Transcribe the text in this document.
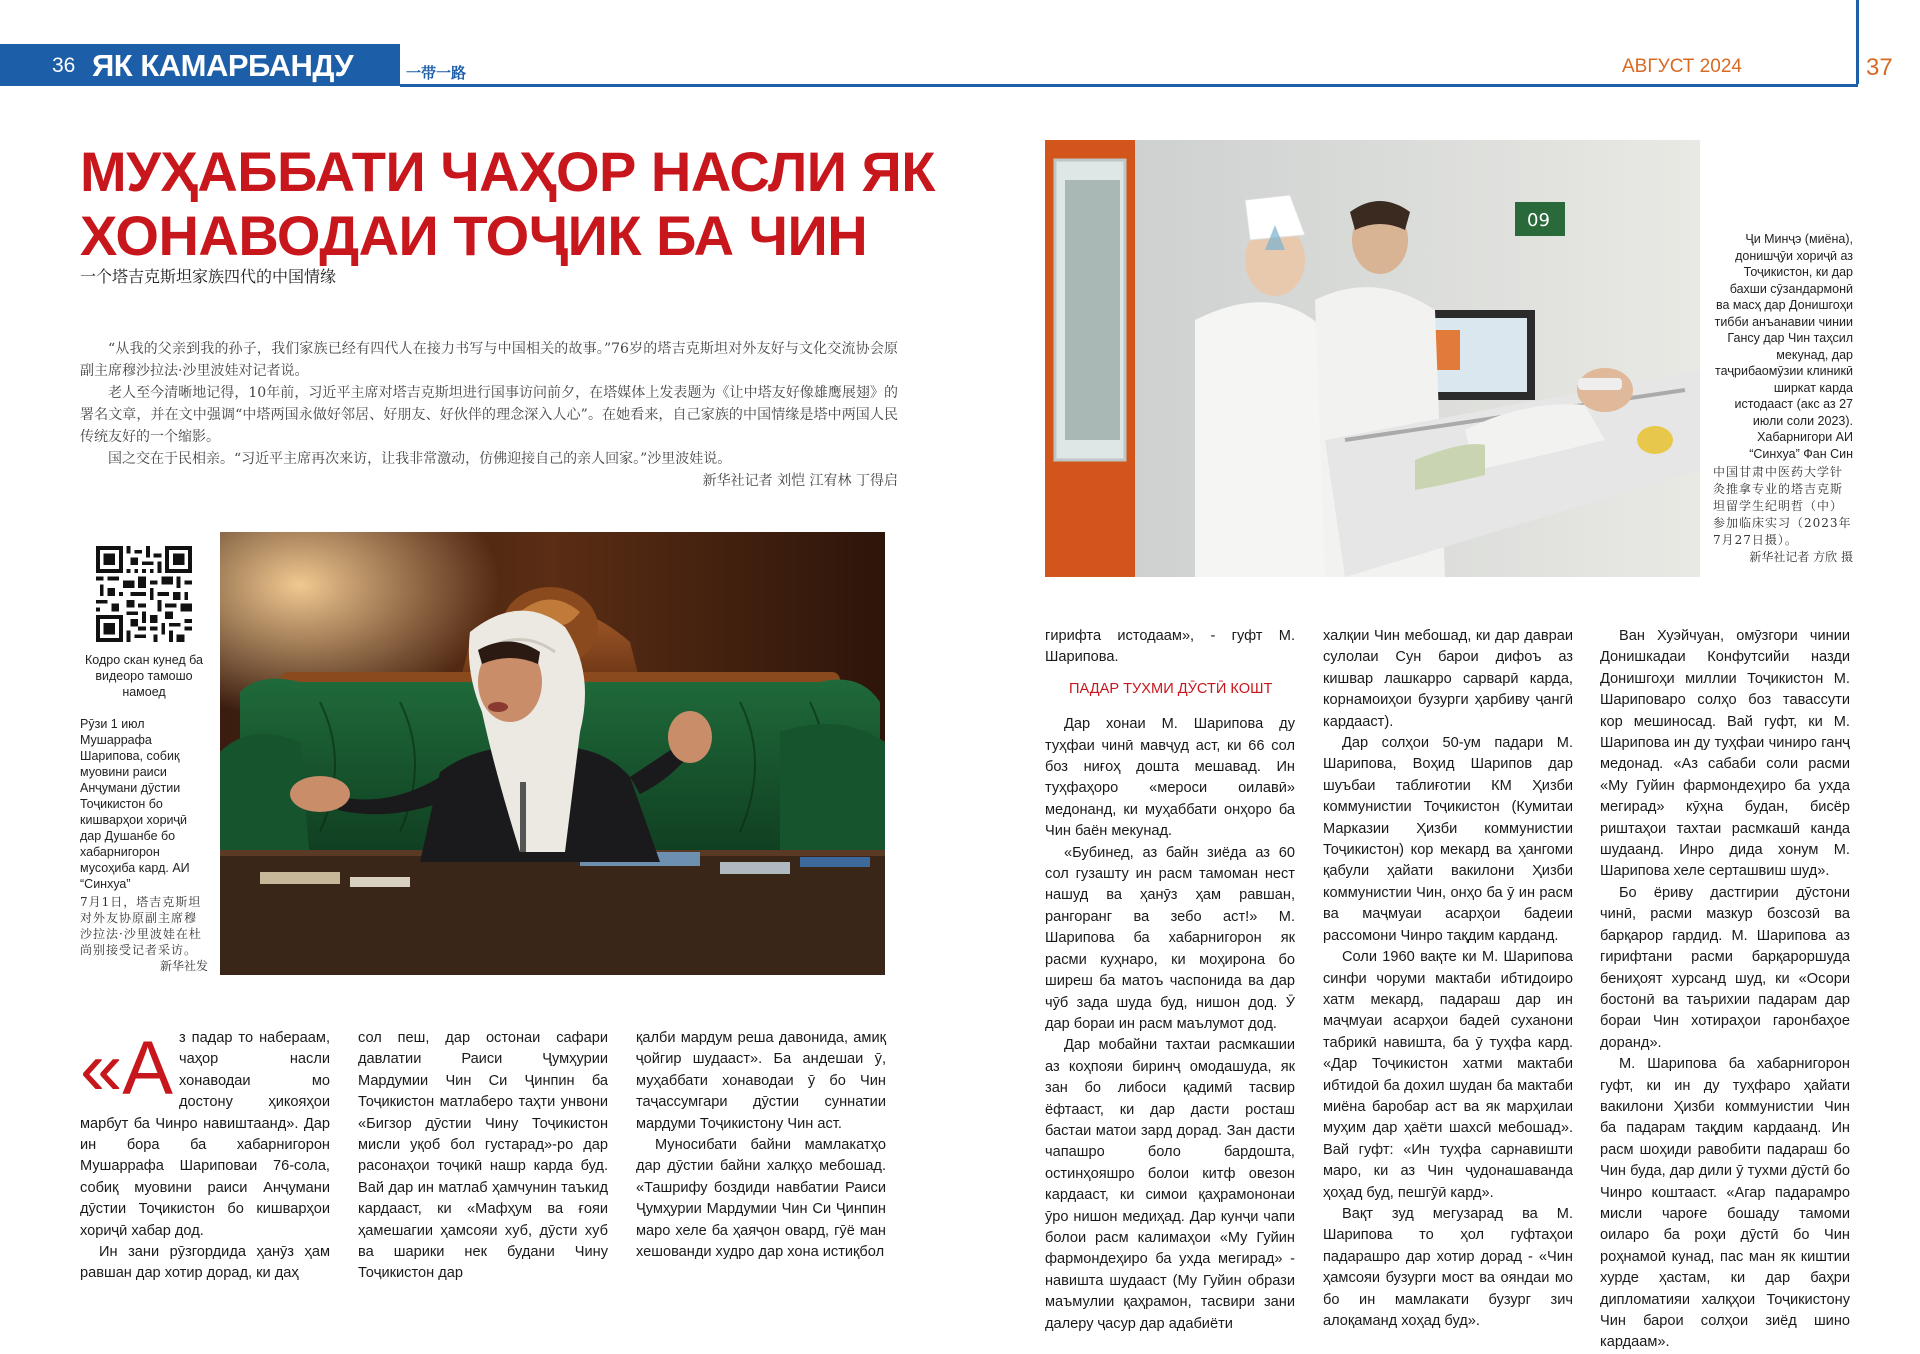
36 ЯК КАМАРБАНДУ ЯК РОҲ
一带一路	АВГУСТ 2024	37
МУҲАББАТИ ЧАҲОР НАСЛИ ЯК ХОНАВОДАИ ТОҶИК БА ЧИН
一个塔吉克斯坦家族四代的中国情缘

“从我的父亲到我的孙子，我们家族已经有四代人在接力书写与中国相关的故事。”76岁的塔吉克斯坦对外友好与文化交流协会原副主席穆沙拉法·沙里波娃对记者说。

老人至今清晰地记得，10年前，习近平主席对塔吉克斯坦进行国事访问前夕，在塔媒体上发表题为《让中塔友好像雄鹰展翅》的署名文章，并在文中强调“中塔两国永做好邻居、好朋友、好伙伴的理念深入人心”。在她看来，自己家族的中国情缘是塔中两国人民传统友好的一个缩影。

国之交在于民相亲。“习近平主席再次来访，让我非常激动，仿佛迎接自己的亲人回家。”沙里波娃说。

新华社记者 刘恺 江宥林 丁得启

Кодро скан кунед ба видеоро тамошо намоед
Рӯзи 1 июл Мушаррафа Шарипова, собиқ муовини раиси Анҷумани дӯстии Тоҷикистон бо кишварҳои хориҷӣ дар Душанбе бо хабарнигорон мусоҳиба кард. АИ “Синхуа”
7月1日，塔吉克斯坦对外友协原副主席穆沙拉法·沙里波娃在杜尚别接受记者采访。
新华社发
09
Ҷи Минҷэ (миёна), донишҷӯи хориҷӣ аз Тоҷикистон, ки дар бахши сӯзандармонӣ ва масҳ дар Донишгоҳи тибби анъанавии чинии Гансу дар Чин таҳсил мекунад, дар таҷрибаомӯзии клиникӣ ширкат карда истодааст (акс аз 27 июли соли 2023). Хабарнигори АИ “Синхуа” Фан Син
中国甘肃中医药大学针灸推拿专业的塔吉克斯坦留学生纪明哲（中）参加临床实习（2023年7月27日摄）。
新华社记者 方欣 摄

«Аз падар то набераам, чаҳор насли хонаводаи мо достону ҳикояҳои марбут ба Чинро навиштаанд». Дар ин бора ба хабарнигорон Мушаррафа Шариповаи 76-сола, собиқ муовини раиси Анҷумани дӯстии Тоҷикистон бо кишварҳои хориҷӣ хабар дод.

Ин зани рӯзгордида ҳанӯз ҳам равшан дар хотир дорад, ки даҳ

сол пеш, дар остонаи сафари давлатии Раиси Ҷумҳурии Мардумии Чин Си Ҷинпин ба Тоҷикистон матлаберо таҳти унвони «Бигзор дӯстии Чину Тоҷикистон мисли уқоб бол густарад»-ро дар расонаҳои тоҷикӣ нашр карда буд. Вай дар ин матлаб ҳамчунин таъкид кардааст, ки «Мафҳум ва ғояи ҳамешагии ҳамсояи хуб, дӯсти хуб ва шарики нек будани Чину Тоҷикистон дар

қалби мардум реша давонида, амиқ ҷойгир шудааст». Ба андешаи ӯ, муҳаббати хонаводаи ӯ бо Чин таҷассумгари дӯстии суннатии мардуми Тоҷикистону Чин аст.

Муносибати байни мамлакатҳо дар дӯстии байни халқҳо мебошад. «Ташрифу боздиди навбатии Раиси Ҷумҳурии Мардумии Чин Си Ҷинпин маро хеле ба ҳаяҷон овард, гӯё ман хешованди худро дар хона истиқбол

гирифта истодаам», - гуфт М. Шарипова.

ПАДАР ТУХМИ ДӮСТӢ КОШТ

Дар хонаи М. Шарипова ду туҳфаи чинӣ мавҷуд аст, ки 66 сол боз ниғоҳ дошта мешавад. Ин туҳфаҳоро «мероси оилавӣ» медонанд, ки муҳаббати онҳоро ба Чин баён мекунад.

«Бубинед, аз байн зиёда аз 60 сол гузашту ин расм тамоман нест нашуд ва ҳанӯз ҳам равшан, рангоранг ва зебо аст!» М. Шарипова ба хабарнигорон як расми куҳнаро, ки моҳирона бо ширеш ба матоъ часпонида ва дар чӯб зада шуда буд, нишон дод. Ӯ дар бораи ин расм маълумот дод.

Дар мобайни тахтаи расмкашии аз коҳпояи биринҷ омодашуда, як зан бо либоси қадимӣ тасвир ёфтааст, ки дар дасти росташ бастаи матои зард дорад. Зан дасти чапашро боло бардошта, остинҳояшро болои китф овезон кардааст, ки симои қаҳрамононаи ӯро нишон медиҳад. Дар кунҷи чапи болои расм калимаҳои «Му Гуйин фармондеҳиро ба ухда мегирад» - навишта шудааст (Му Гуйин образи маъмулии қаҳрамон, тасвири зани далеру ҷасур дар адабиёти

халқии Чин мебошад, ки дар давраи сулолаи Сун барои дифоъ аз кишвар лашкарро сарварӣ карда, корнамоиҳои бузурги ҳарбиву ҷангӣ кардааст).

Дар солҳои 50-ум падари М. Шарипова, Воҳид Шарипов дар шуъбаи таблиғотии КМ Ҳизби коммунистии Тоҷикистон (Кумитаи Марказии Ҳизби коммунистии Тоҷикистон) кор мекард ва ҳангоми қабули ҳайати вакилони Ҳизби коммунистии Чин, онҳо ба ӯ ин расм ва маҷмуаи асарҳои бадеии рассомони Чинро тақдим карданд.

Соли 1960 вақте ки М. Шарипова синфи чоруми мактаби ибтидоиро хатм мекард, падараш дар ин маҷмуаи асарҳои бадеӣ суханони табрикӣ навишта, ба ӯ туҳфа кард. «Дар Тоҷикистон хатми мактаби ибтидоӣ ба дохил шудан ба мактаби миёна баробар аст ва як марҳилаи муҳим дар ҳаёти шахсӣ мебошад». Вай гуфт: «Ин туҳфа сарнавишти маро, ки аз Чин ҷудонашаванда ҳоҳад буд, пешгӯӣ кард».

Вақт зуд мегузарад ва М. Шарипова то ҳол гуфтаҳои падарашро дар хотир дорад - «Чин ҳамсояи бузурги мост ва ояндаи мо бо ин мамлакати бузург зич алоқаманд хоҳад буд».

Ван Хуэйчуан, омӯзгори чинии Донишкадаи Конфутсийи назди Донишгоҳи миллии Тоҷикистон М. Шариповаро солҳо боз тавассути кор мешиносад. Вай гуфт, ки М. Шарипова ин ду туҳфаи чиниро ганҷ медонад. «Аз сабаби соли расми «Му Гуйин фармондеҳиро ба ухда мегирад» кӯҳна будан, бисёр риштаҳои тахтаи расмкашӣ канда шудаанд. Инро дида хонум М. Шарипова хеле серташвиш шуд».

Бо ёриву дастгирии дӯстони чинӣ, расми мазкур бозсозӣ ва барқарор гардид. М. Шарипова аз гирифтани расми барқароршуда бениҳоят хурсанд шуд, ки «Осори бостонӣ ва таърихии падарам дар бораи Чин хотираҳои гаронбаҳое доранд».

М. Шарипова ба хабарнигорон гуфт, ки ин ду туҳфаро ҳайати вакилони Ҳизби коммунистии Чин ба падарам тақдим кардаанд. Ин расм шоҳиди равобити падараш бо Чин буда, дар дили ӯ тухми дӯстӣ бо Чинро коштааст. «Агар падарамро мисли чароғе бошаду тамоми оиларо ба роҳи дӯстӣ бо Чин роҳнамоӣ кунад, пас ман як киштии хурде ҳастам, ки дар баҳри дипломатияи халқҳои Тоҷикистону Чин барои солҳои зиёд шино кардаам».
